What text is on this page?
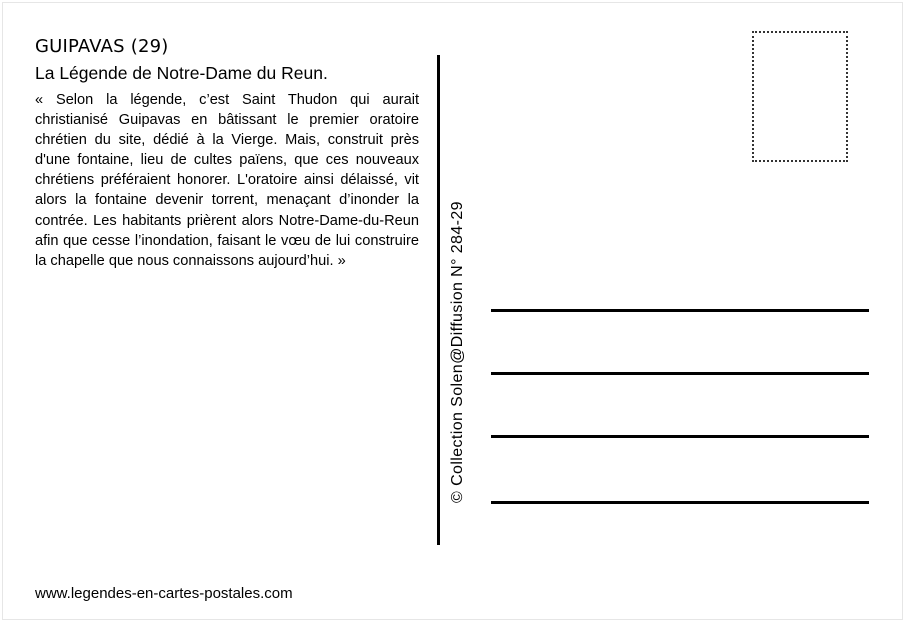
GUIPAVAS (29)
La Légende de Notre-Dame du Reun.
« Selon la légende, c’est Saint Thudon qui aurait christianisé Guipavas en bâtissant le premier oratoire chrétien du site, dédié à la Vierge. Mais, construit près d'une fontaine, lieu de cultes païens, que ces nouveaux chrétiens préféraient honorer. L'oratoire ainsi délaissé, vit alors la fontaine devenir torrent, menaçant d’inonder la contrée. Les habitants prièrent alors Notre-Dame-du-Reun afin que cesse l’inondation, faisant le vœu de lui construire la chapelle que nous connaissons aujourd’hui. »
www.legendes-en-cartes-postales.com
© Collection Solen@Diffusion N° 284-29
